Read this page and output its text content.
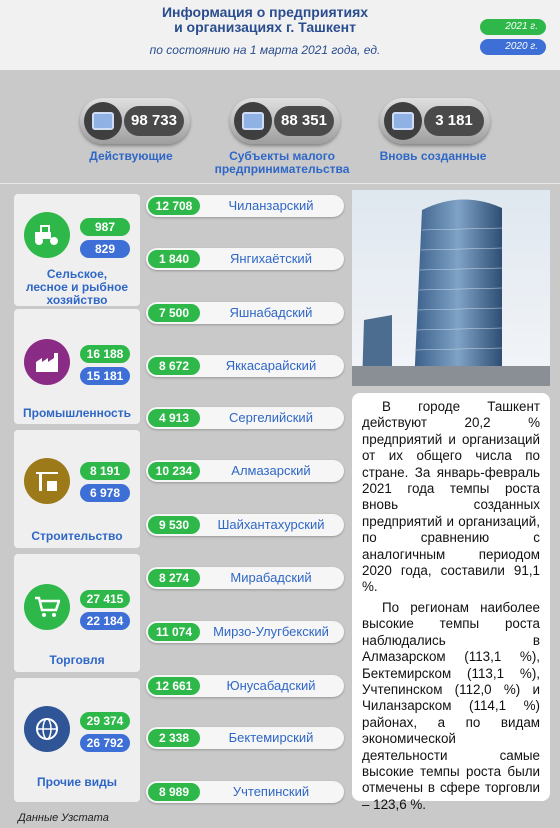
Информация о предприятиях
и организациях г. Ташкент
по состоянию на 1 марта 2021 года, ед.
2021 г.
2020 г.
98 733	88 351	3 181
Действующие	Субъекты малого
предпринимательства
Вновь созданные
987
829
Сельское,
лесное и рыбное
хозяйство
16 188
15 181
Промышленность
8 191
6 978
Строительство
27 415
22 184
Торговля
29 374
26 792
Прочие виды
12 708	Чиланзарский
1 840	Янгихаётский
7 500	Яшнабадский
8 672	Яккасарайский
4 913	Сергелийский
10 234	Алмазарский
9 530	Шайхантахурский
8 274	Мирабадский
11 074	Мирзо-Улугбекский
12 661	Юнусабадский
2 338	Бектемирский
8 989	Учтепинский

В городе Ташкент действуют 20,2 % предприятий и организаций от их общего числа по стране. За январь-февраль 2021 года темпы роста вновь созданных предприятий и организаций, по сравнению с аналогичным периодом 2020 года, составили 91,1 %.

По регионам наиболее высокие темпы роста наблюдались в Алмазарском (113,1 %), Бектемирском (113,1 %), Учтепинском (112,0 %) и Чиланзарском (114,1 %) районах, а по видам экономической деятельности самые высокие темпы роста были отмечены в сфере торговли – 123,6 %.

Данные Узстата
